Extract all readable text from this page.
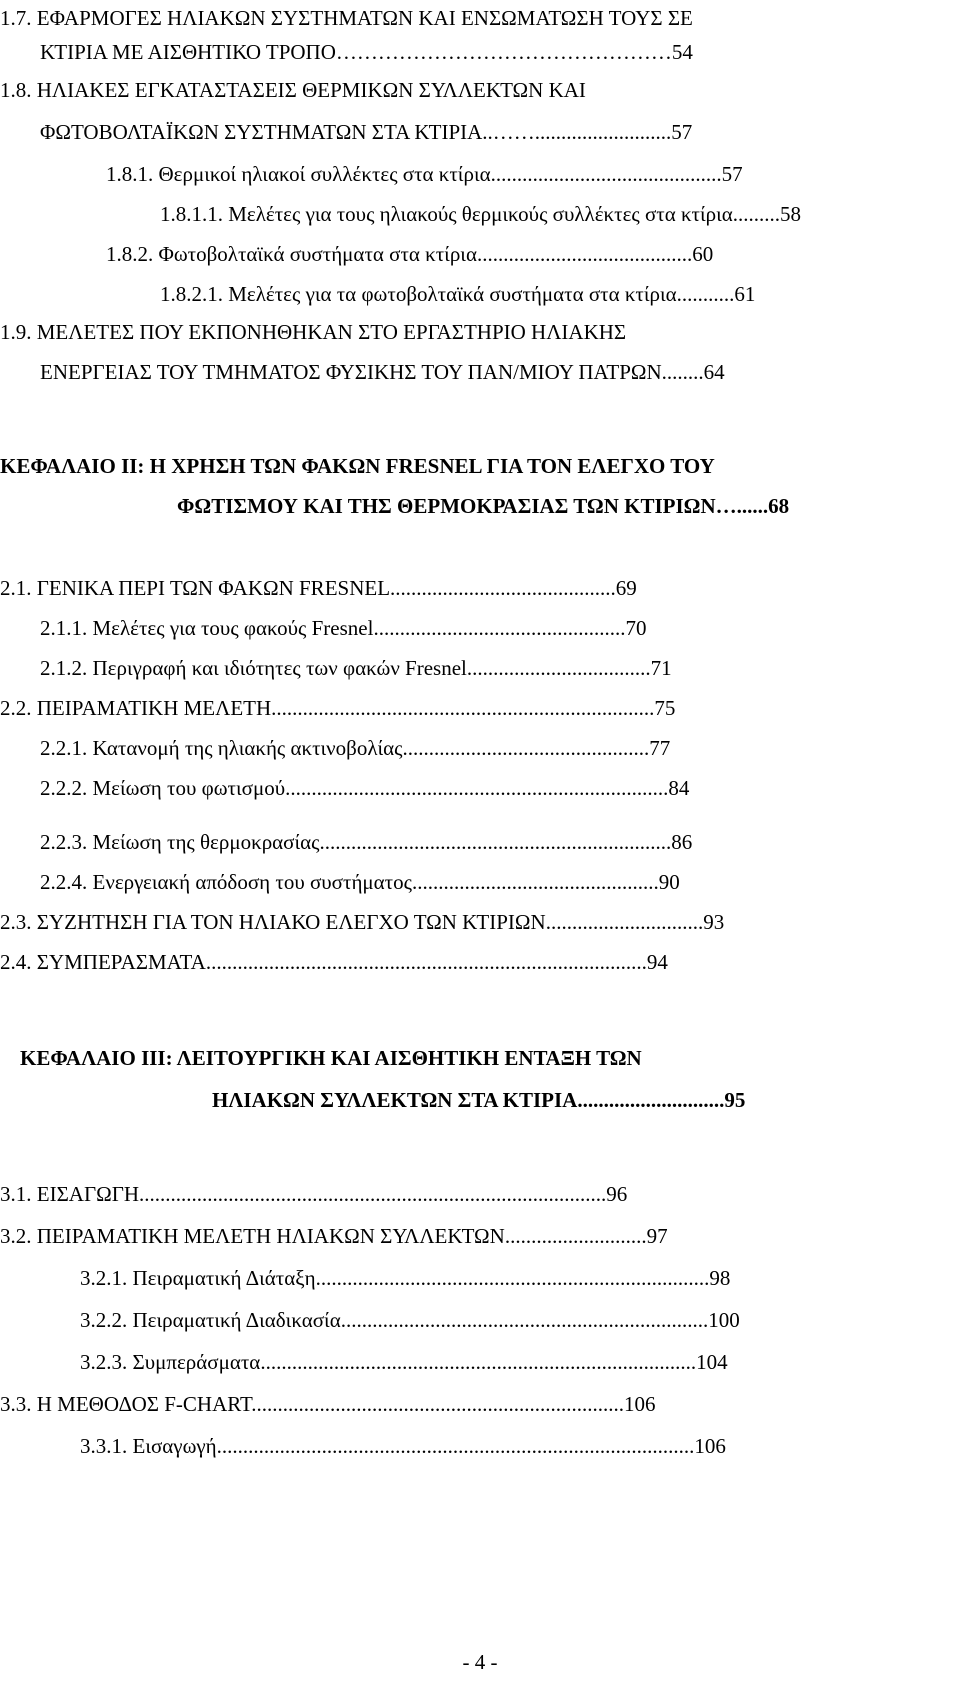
1.7. ΕΦΑΡΜΟΓΕΣ ΗΛΙΑΚΩΝ ΣΥΣΤΗΜΑΤΩΝ ΚΑΙ ΕΝΣΩΜΑΤΩΣΗ ΤΟΥΣ ΣΕ
ΚΤΙΡΙΑ ΜΕ ΑΙΣΘΗΤΙΚΟ ΤΡΟΠΟ…………………………………………54
1.8. ΗΛΙΑΚΕΣ ΕΓΚΑΤΑΣΤΑΣΕΙΣ ΘΕΡΜΙΚΩΝ ΣΥΛΛΕΚΤΩΝ ΚΑΙ
ΦΩΤΟΒΟΛΤΑΪΚΩΝ ΣΥΣΤΗΜΑΤΩΝ ΣΤΑ ΚΤΙΡΙΑ..……..........................57
1.8.1. Θερμικοί ηλιακοί συλλέκτες στα κτίρια............................................57
1.8.1.1. Μελέτες για τους ηλιακούς θερμικούς συλλέκτες στα κτίρια.........58
1.8.2. Φωτοβολταϊκά συστήματα στα κτίρια.........................................60
1.8.2.1. Μελέτες για τα φωτοβολταϊκά συστήματα στα κτίρια...........61
1.9. ΜΕΛΕΤΕΣ ΠΟΥ ΕΚΠΟΝΗΘΗΚΑΝ ΣΤΟ ΕΡΓΑΣΤΗΡΙΟ ΗΛΙΑΚΗΣ
ΕΝΕΡΓΕΙΑΣ ΤΟΥ ΤΜΗΜΑΤΟΣ ΦΥΣΙΚΗΣ ΤΟΥ ΠΑΝ/ΜΙΟΥ ΠΑΤΡΩΝ........64
ΚΕΦΑΛΑΙΟ ΙΙ: Η ΧΡΗΣΗ ΤΩΝ ΦΑΚΩΝ FRESNEL ΓΙΑ ΤΟΝ ΕΛΕΓΧΟ ΤΟΥ
ΦΩΤΙΣΜΟΥ ΚΑΙ ΤΗΣ ΘΕΡΜΟΚΡΑΣΙΑΣ ΤΩΝ ΚΤΙΡΙΩΝ…......68
2.1. ΓΕΝΙΚΑ ΠΕΡΙ ΤΩΝ ΦΑΚΩΝ FRESNEL...........................................69
2.1.1. Μελέτες για τους φακούς Fresnel................................................70
2.1.2. Περιγραφή και ιδιότητες των φακών Fresnel...................................71
2.2. ΠΕΙΡΑΜΑΤΙΚΗ ΜΕΛΕΤΗ.........................................................................75
2.2.1. Κατανομή της ηλιακής ακτινοβολίας...............................................77
2.2.2. Μείωση του φωτισμού.........................................................................84
2.2.3. Μείωση της θερμοκρασίας...................................................................86
2.2.4. Ενεργειακή απόδοση του συστήματος...............................................90
2.3. ΣΥΖΗΤΗΣΗ ΓΙΑ ΤΟΝ ΗΛΙΑΚΟ ΕΛΕΓΧΟ ΤΩΝ ΚΤΙΡΙΩΝ..............................93
2.4. ΣΥΜΠΕΡΑΣΜΑΤΑ....................................................................................94
ΚΕΦΑΛΑΙΟ ΙΙΙ: ΛΕΙΤΟΥΡΓΙΚΗ ΚΑΙ ΑΙΣΘΗΤΙΚΗ ΕΝΤΑΞΗ ΤΩΝ
ΗΛΙΑΚΩΝ ΣΥΛΛΕΚΤΩΝ ΣΤΑ ΚΤΙΡΙΑ............................95
3.1. ΕΙΣΑΓΩΓΗ.........................................................................................96
3.2. ΠΕΙΡΑΜΑΤΙΚΗ ΜΕΛΕΤΗ ΗΛΙΑΚΩΝ ΣΥΛΛΕΚΤΩΝ...........................97
3.2.1. Πειραματική Διάταξη...........................................................................98
3.2.2. Πειραματική Διαδικασία......................................................................100
3.2.3. Συμπεράσματα...................................................................................104
3.3. Η ΜΕΘΟΔΟΣ F-CHART.......................................................................106
3.3.1. Εισαγωγή...........................................................................................106
- 4 -
